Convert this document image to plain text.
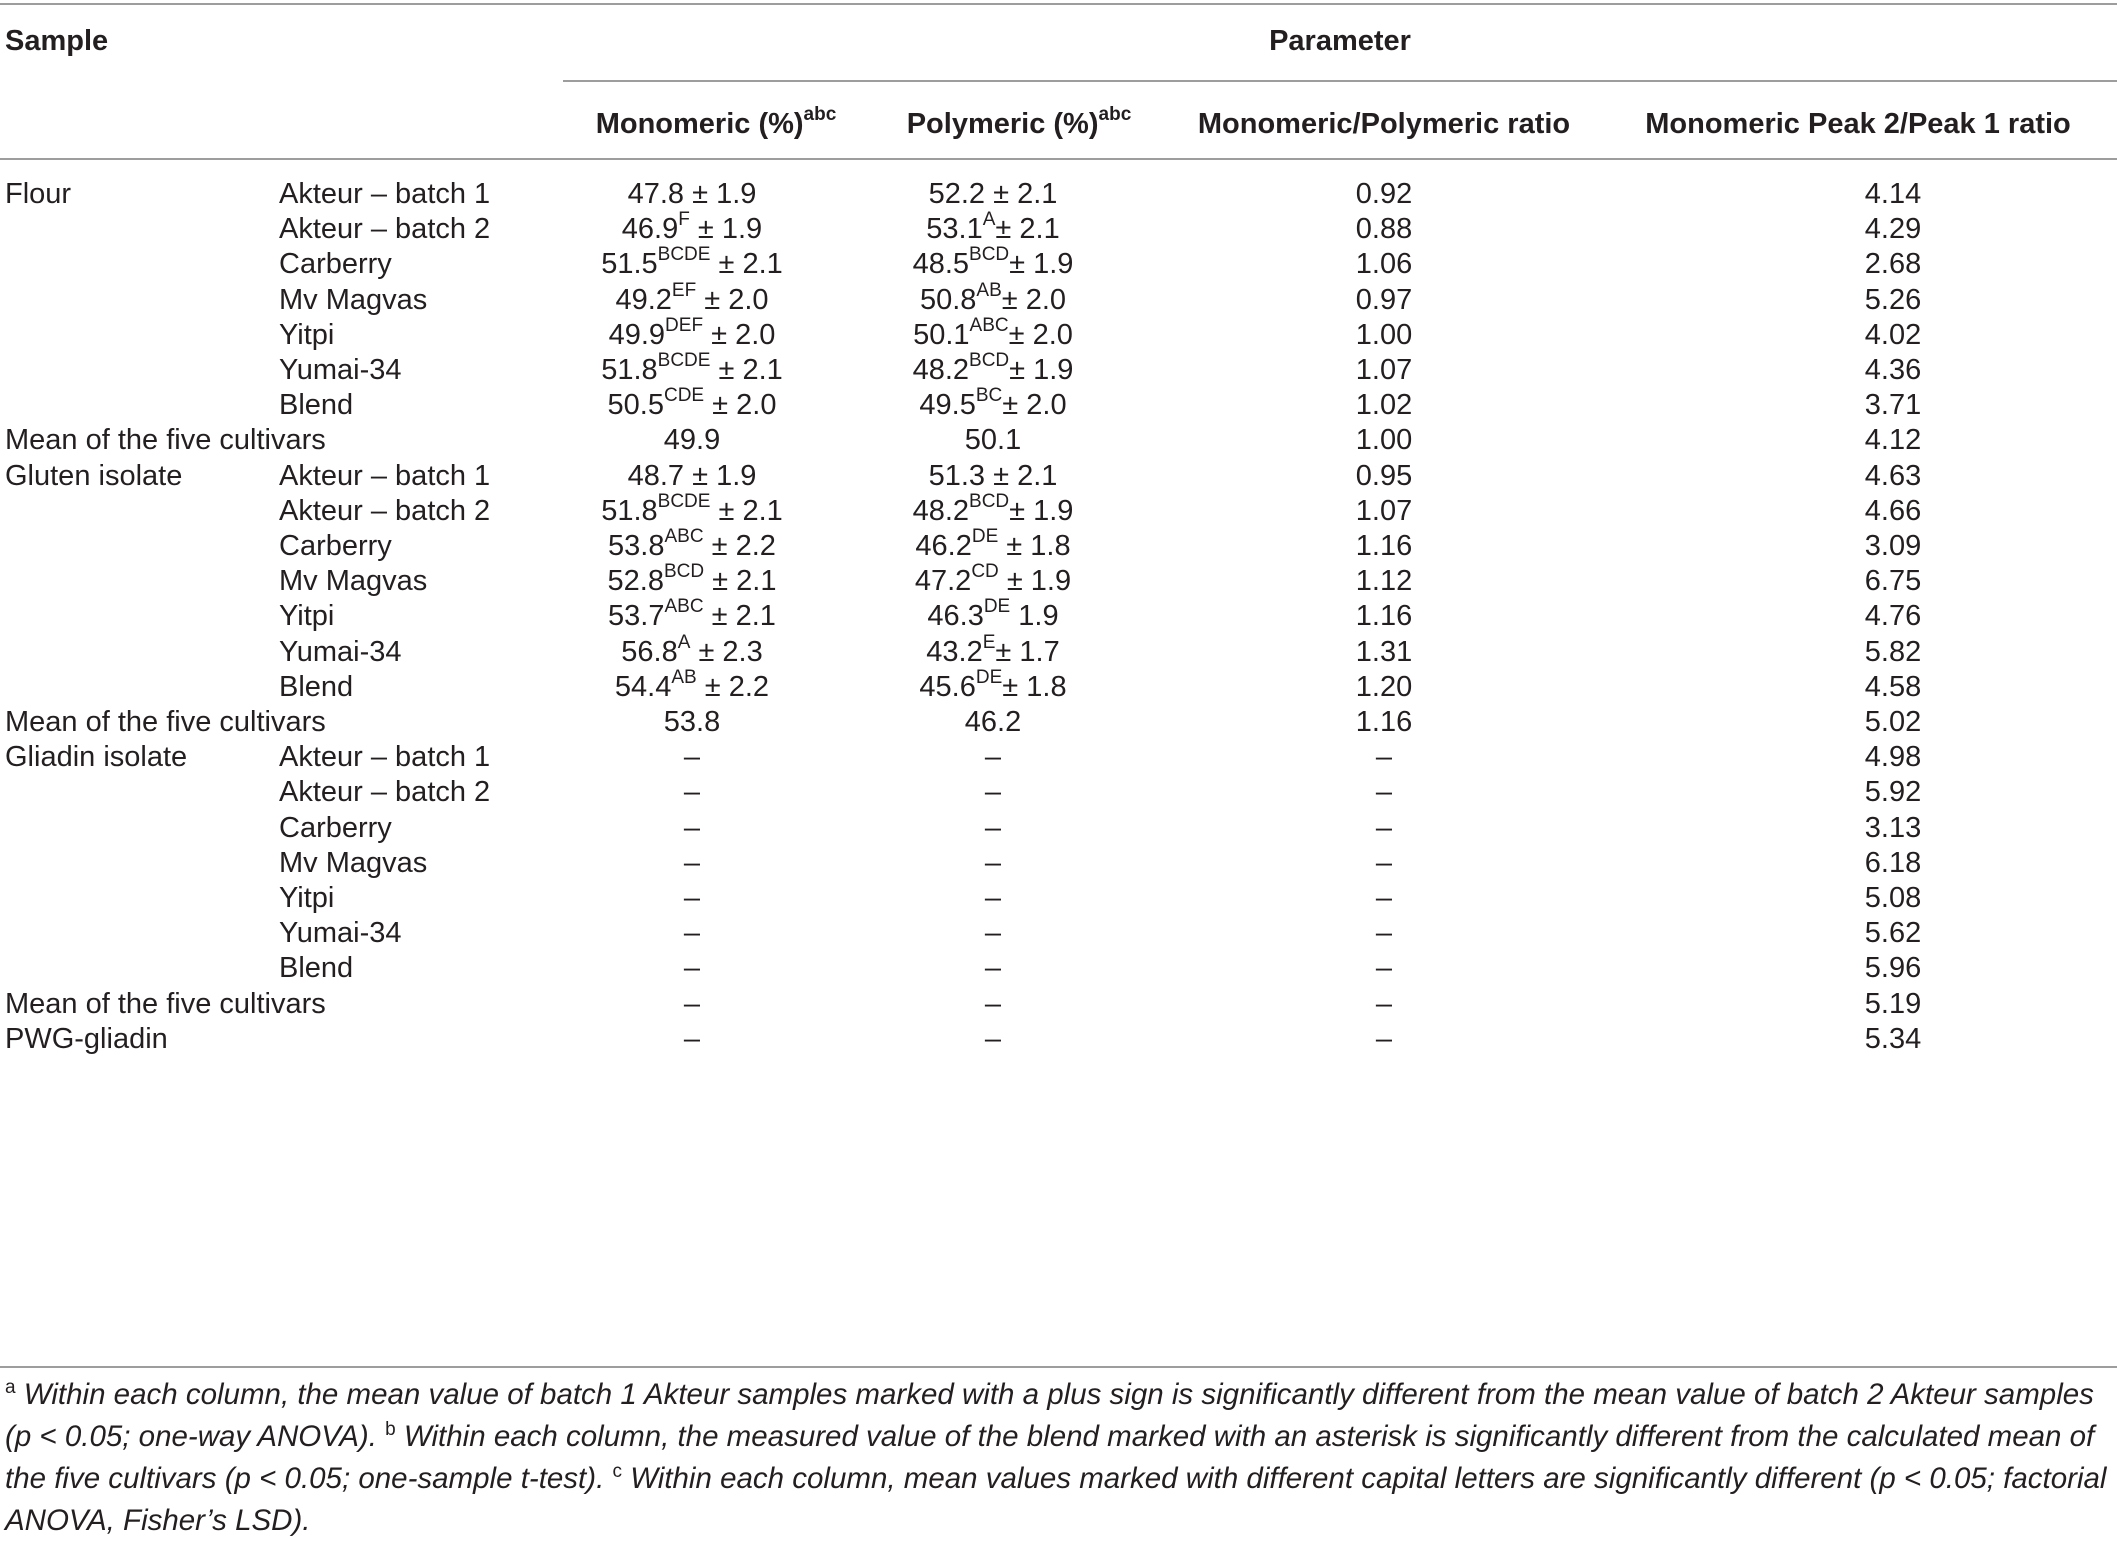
Sample	Parameter
Monomeric (%)$^{abc}$	Polymeric (%)$^{abc}$	Monomeric/Polymeric ratio	Monomeric Peak 2/Peak 1 ratio
Flour	Akteur – batch 1	47.8 ± 1.9	52.2 ± 2.1	0.92	4.14
Akteur – batch 2	$46.9^F \pm 1.9$	$53.1^A\pm 2.1$	0.88	4.29
Carberry	$51.5^{BCDE} \pm 2.1$	$48.5^{BCD}\pm 1.9$	1.06	2.68
Mv Magvas	$49.2^{EF} \pm 2.0$	$50.8^{AB}\pm 2.0$	0.97	5.26
Yitpi	$49.9^{DEF} \pm 2.0$	$50.1^{ABC}\pm 2.0$	1.00	4.02
Yumai-34	$51.8^{BCDE} \pm 2.1$	$48.2^{BCD}\pm 1.9$	1.07	4.36
Blend	$50.5^{CDE} \pm 2.0$	$49.5^{BC}\pm 2.0$	1.02	3.71
Mean of the five cultivars	49.9	50.1	1.00	4.12
Gluten isolate	Akteur – batch 1	48.7 ± 1.9	51.3 ± 2.1	0.95	4.63
Akteur – batch 2	$51.8^{BCDE} \pm 2.1$	$48.2^{BCD}\pm 1.9$	1.07	4.66
Carberry	$53.8^{ABC} \pm 2.2$	46.2DE ± 1.8	1.16	3.09
Mv Magvas	$52.8^{BCD} \pm 2.1$	$47.2^{CD} \pm 1.9$	1.12	6.75
Yitpi	$53.7^{ABC} \pm 2.1$	46.3DE 1.9	1.16	4.76
Yumai-34	$56.8^A \pm 2.3$	$43.2^E\pm 1.7$	1.31	5.82
Blend	$54.4^{AB} \pm 2.2$	45.6DE± 1.8	1.20	4.58
Mean of the five cultivars	53.8	46.2	1.16	5.02
Gliadin isolate	Akteur – batch 1	–	–	–	4.98
Akteur – batch 2	–	–	–	5.92
Carberry	–	–	–	3.13
Mv Magvas	–	–	–	6.18
Yitpi	–	–	–	5.08
Yumai-34	–	–	–	5.62
Blend	–	–	–	5.96
Mean of the five cultivars	–	–	–	5.19
PWG-gliadin	–	–	–	5.34
$^a$ Within each column, the mean value of batch 1 Akteur samples marked with a plus sign is significantly different from the mean value of batch 2 Akteur samples (p < 0.05; one-way ANOVA). $^b$ Within each column, the measured value of the blend marked with an asterisk is significantly different from the calculated mean of the five cultivars (p < 0.05; one-sample t-test). $^c$ Within each column, mean values marked with different capital letters are significantly different (p < 0.05; factorial ANOVA, Fisher’s LSD).
